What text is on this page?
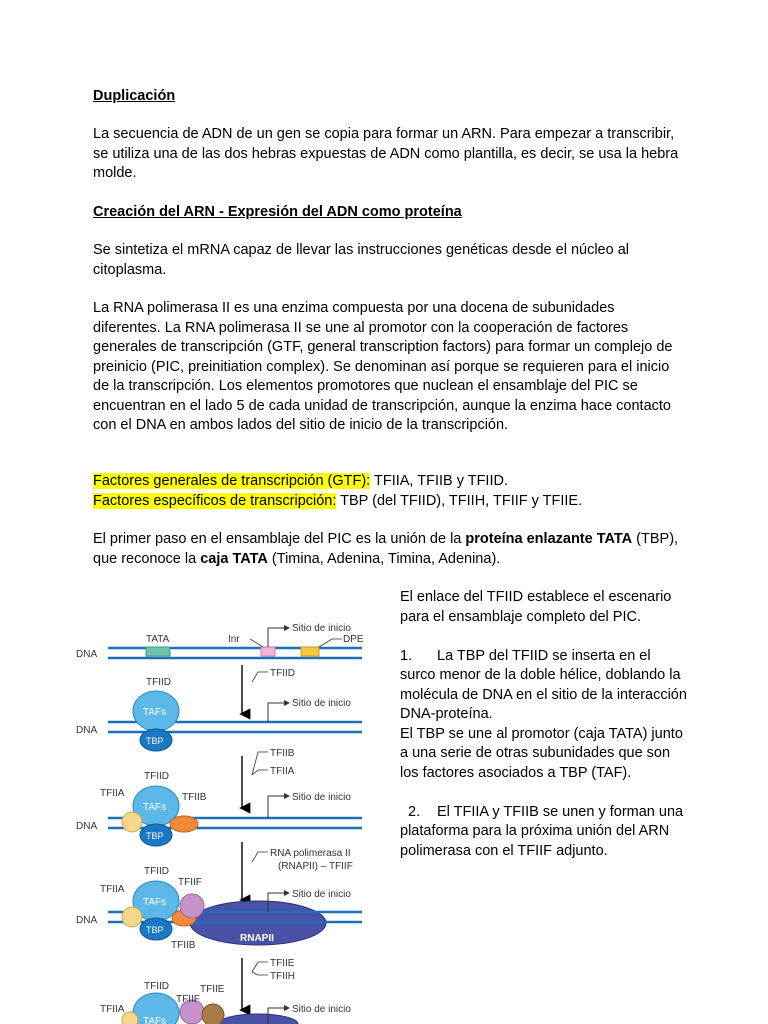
Duplicación

La secuencia de ADN de un gen se copia para formar un ARN. Para empezar a transcribir, se utiliza una de las dos hebras expuestas de ADN como plantilla, es decir, se usa la hebra molde.

Creación del ARN - Expresión del ADN como proteína

Se sintetiza el mRNA capaz de llevar las instrucciones genéticas desde el núcleo al citoplasma.

La RNA polimerasa II es una enzima compuesta por una docena de subunidades diferentes. La RNA polimerasa II se une al promotor con la cooperación de factores generales de transcripción (GTF, general transcription factors) para formar un complejo de preinicio (PIC, preinitiation complex). Se denominan así porque se requieren para el inicio de la transcripción. Los elementos promotores que nuclean el ensamblaje del PIC se encuentran en el lado 5 de cada unidad de transcripción, aunque la enzima hace contacto con el DNA en ambos lados del sitio de inicio de la transcripción.

Factores generales de transcripción (GTF): TFIIA, TFIIB y TFIID.
Factores específicos de transcripción: TBP (del TFIID), TFIIH, TFIIF y TFIIE.

El primer paso en el ensamblaje del PIC es la unión de la proteína enlazante TATA (TBP), que reconoce la caja TATA (Timina, Adenina, Timina, Adenina).

El enlace del TFIID establece el escenario para el ensamblaje completo del PIC.

1. La TBP del TFIID se inserta en el surco menor de la doble hélice, doblando la molécula de DNA en el sitio de la interacción DNA-proteína.

El TBP se une al promotor (caja TATA) junto a una serie de otras subunidades que son los factores asociados a TBP (TAF).

2. El TFIIA y TFIIB se unen y forman una plataforma para la próxima unión del ARN polimerasa con el TFIIF adjunto.

DNA
TATA	Inr	DPE
Sitio de inicio
TFIID
DNA
TFIID
TAFs
TBP
Sitio de inicio
TFIIB
TFIIA
DNA
TFIID
TFIIA	TFIIB
TAFs
TBP
Sitio de inicio
RNA polimerasa II
(RNAPII) – TFIIF
RNAPII
DNA
TFIID
TFIIA
TFIIF
TFIIB
TAFs
TBP
Sitio de inicio
TFIIE
TFIIH
TFIID
TFIIA
TFIIF
TFIIE
TAFs
Sitio de inicio
